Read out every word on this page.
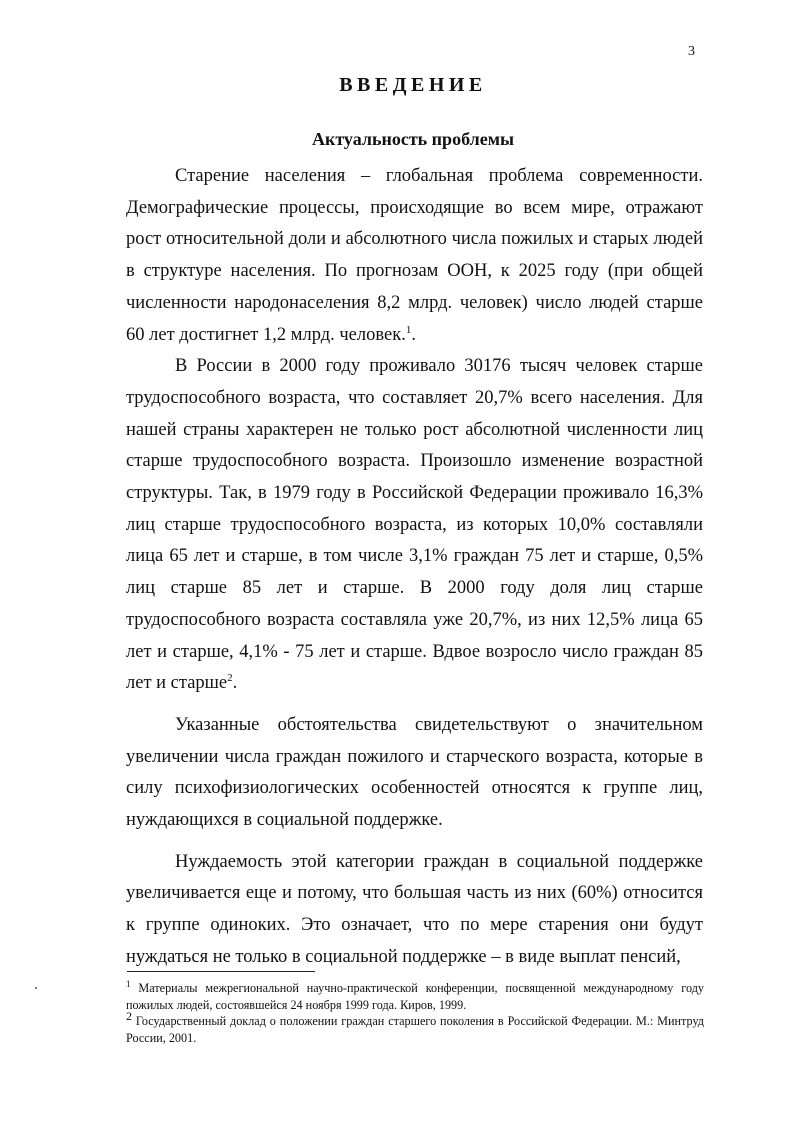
3
ВВЕДЕНИЕ
Актуальность проблемы

Старение населения – глобальная проблема современности. Демографические процессы, происходящие во всем мире, отражают рост относительной доли и абсолютного числа пожилых и старых людей в структуре населения. По прогнозам ООН, к 2025 году (при общей численности народонаселения 8,2 млрд. человек) число людей старше 60 лет достигнет 1,2 млрд. человек.$^1$.

В России в 2000 году проживало 30176 тысяч человек старше трудоспособного возраста, что составляет 20,7% всего населения. Для нашей страны характерен не только рост абсолютной численности лиц старше трудоспособного возраста. Произошло изменение возрастной структуры. Так, в 1979 году в Российской Федерации проживало 16,3% лиц старше трудоспособного возраста, из которых 10,0% составляли лица 65 лет и старше, в том числе 3,1% граждан 75 лет и старше, 0,5% лиц старше 85 лет и старше. В 2000 году доля лиц старше трудоспособного возраста составляла уже 20,7%, из них 12,5% лица 65 лет и старше, 4,1% - 75 лет и старше. Вдвое возросло число граждан 85 лет и старше$^2$.

Указанные обстоятельства свидетельствуют о значительном увеличении числа граждан пожилого и старческого возраста, которые в силу психофизиологических особенностей относятся к группе лиц, нуждающихся в социальной поддержке.

Нуждаемость этой категории граждан в социальной поддержке увеличивается еще и потому, что большая часть из них (60%) относится к группе одиноких. Это означает, что по мере старения они будут нуждаться не только в социальной поддержке – в виде выплат пенсий,

$^1$ Материалы межрегиональной научно-практической конференции, посвященной международному году пожилых людей, состоявшейся 24 ноября 1999 года. Киров, 1999.

$^2$ Государственный доклад о положении граждан старшего поколения в Российской Федерации. М.: Минтруд России, 2001.
